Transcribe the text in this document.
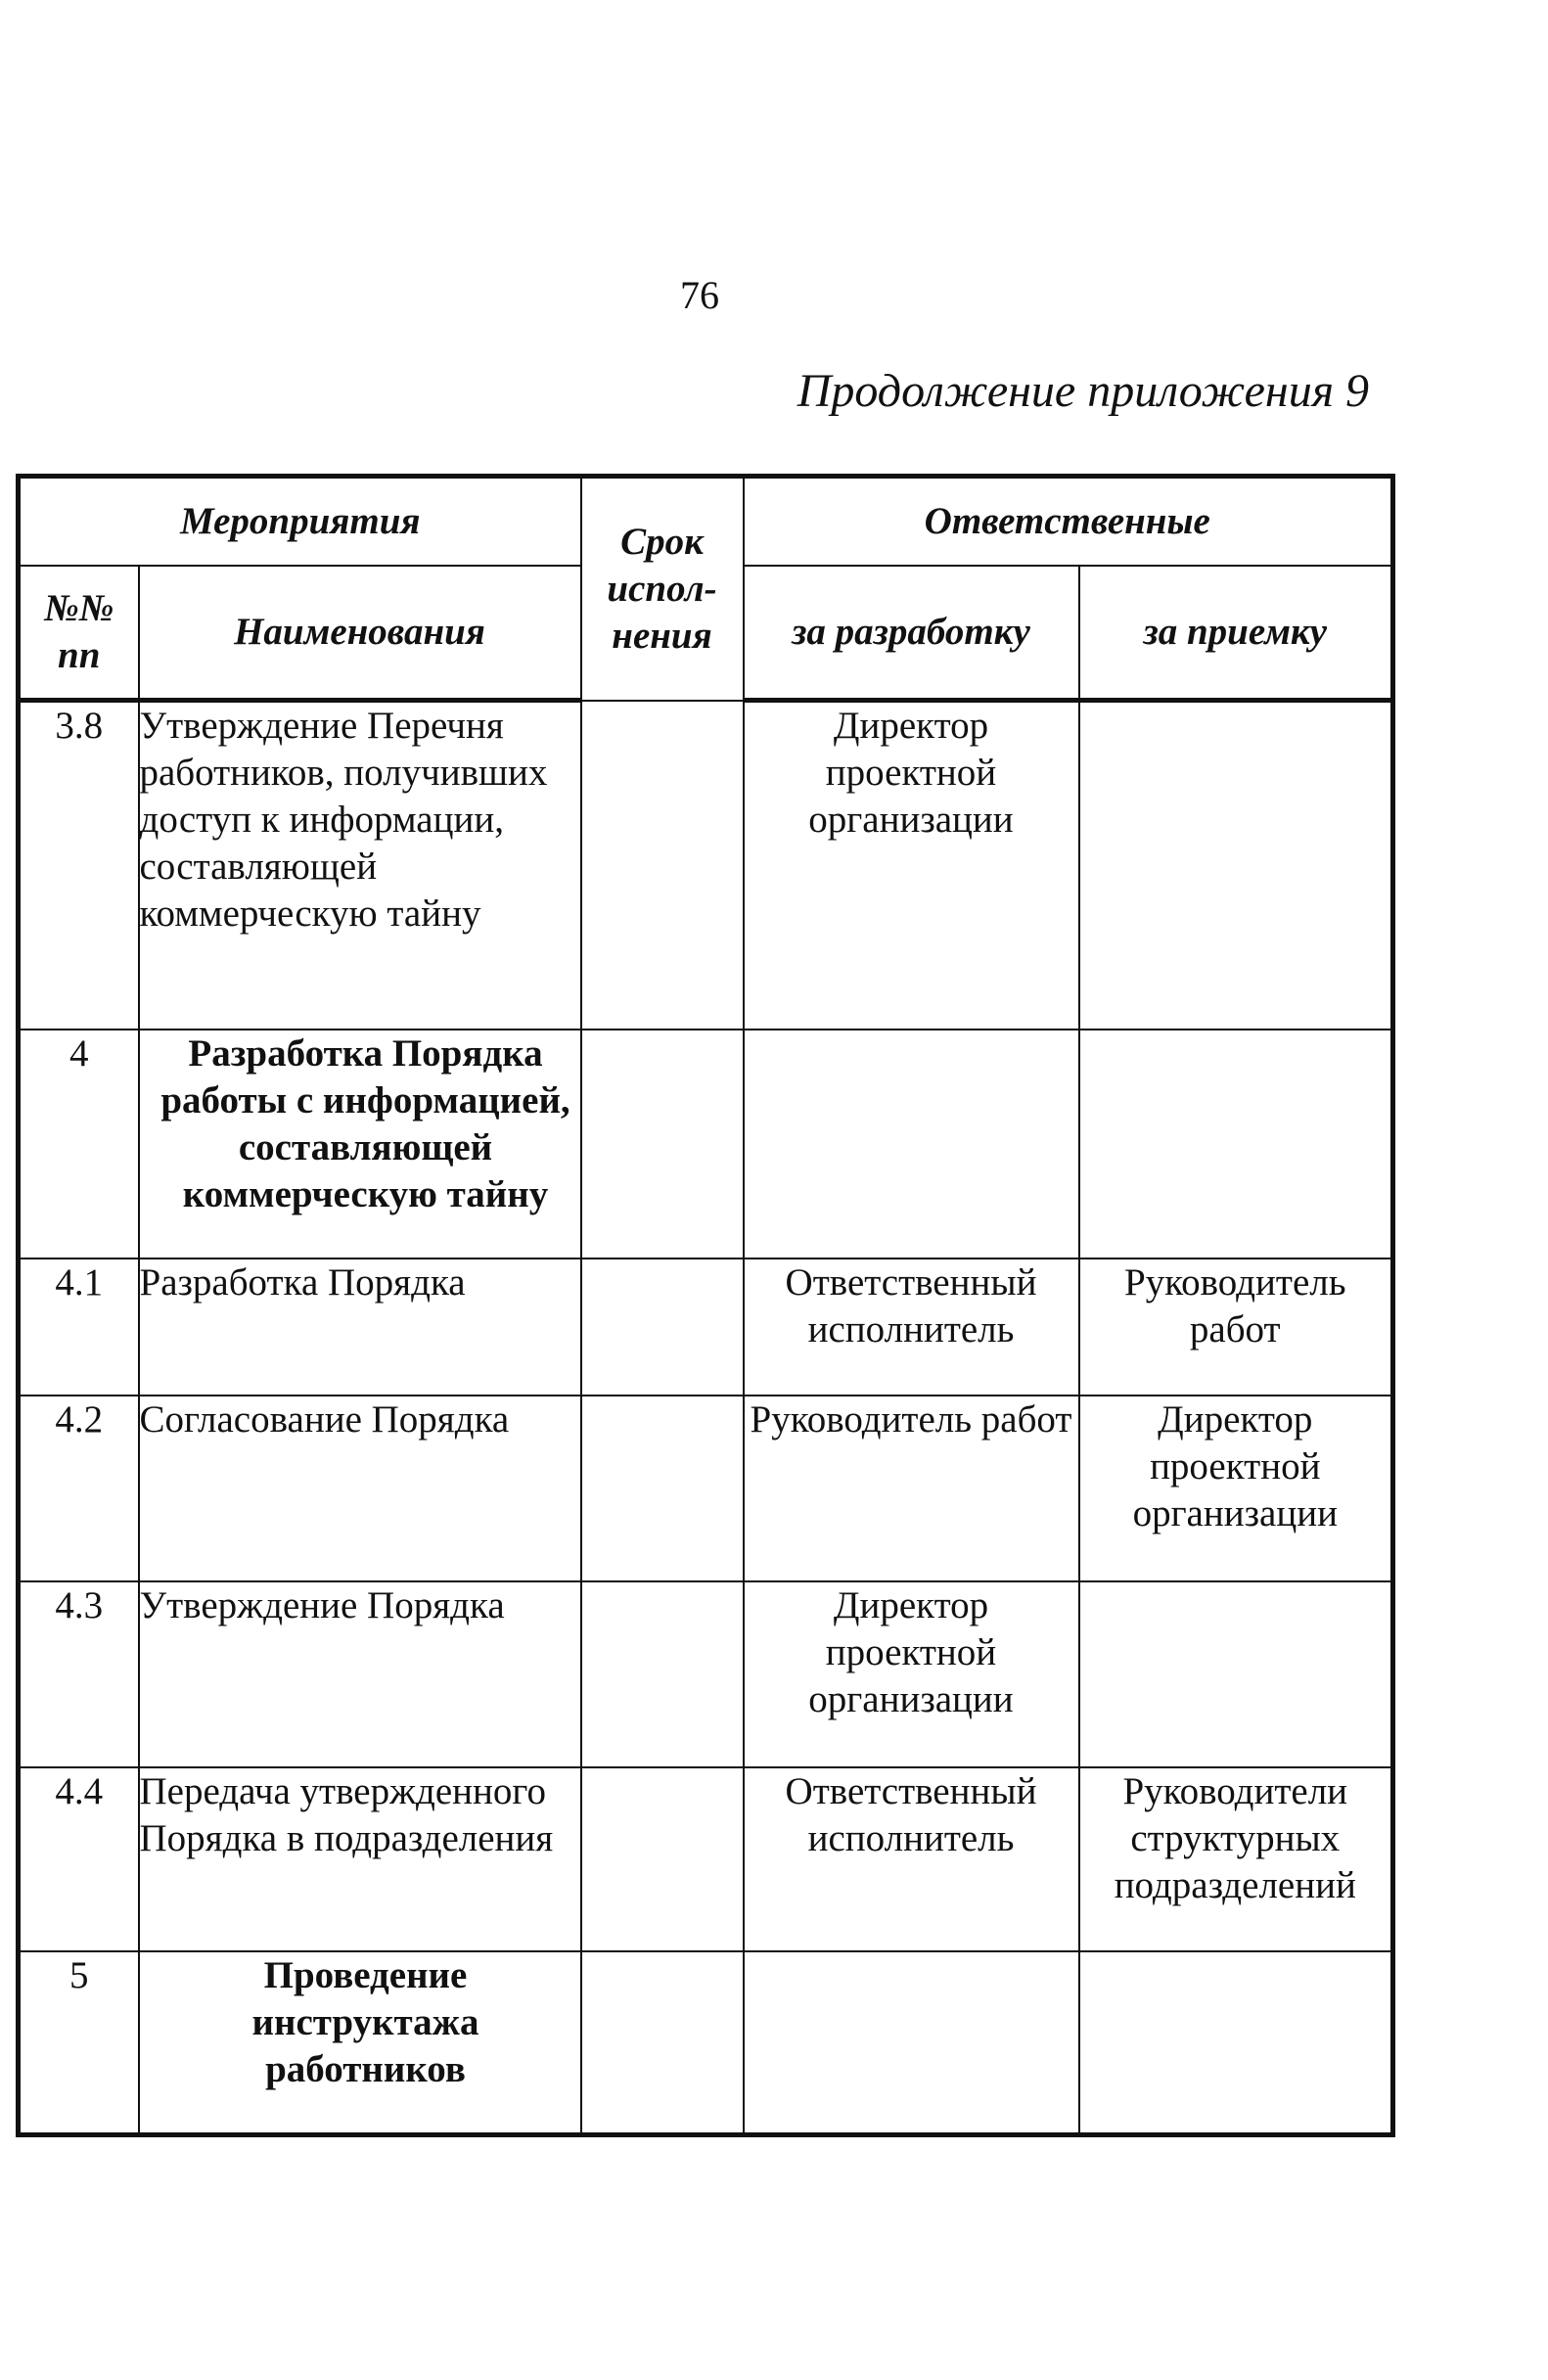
76
Продолжение приложения 9
Мероприятия		Срок испол- нения	Ответственные	
№№ пп	Наименования		за разработку	за приемку
3.8	Утверждение Перечня работников, получивших доступ к информации, составляющей коммерческую тайну		Директор проектной организации	
4	Разработка Порядка работы с информацией, составляющей коммерческую тайну			
4.1	Разработка Порядка		Ответственный исполнитель	Руководитель работ
4.2	Согласование Порядка		Руководитель работ	Директор проектной организации
4.3	Утверждение Порядка		Директор проектной организации	
4.4	Передача утвержденного Порядка в подразделения		Ответственный исполнитель	Руководители структурных подразделений
5	Проведение инструктажа работников			
